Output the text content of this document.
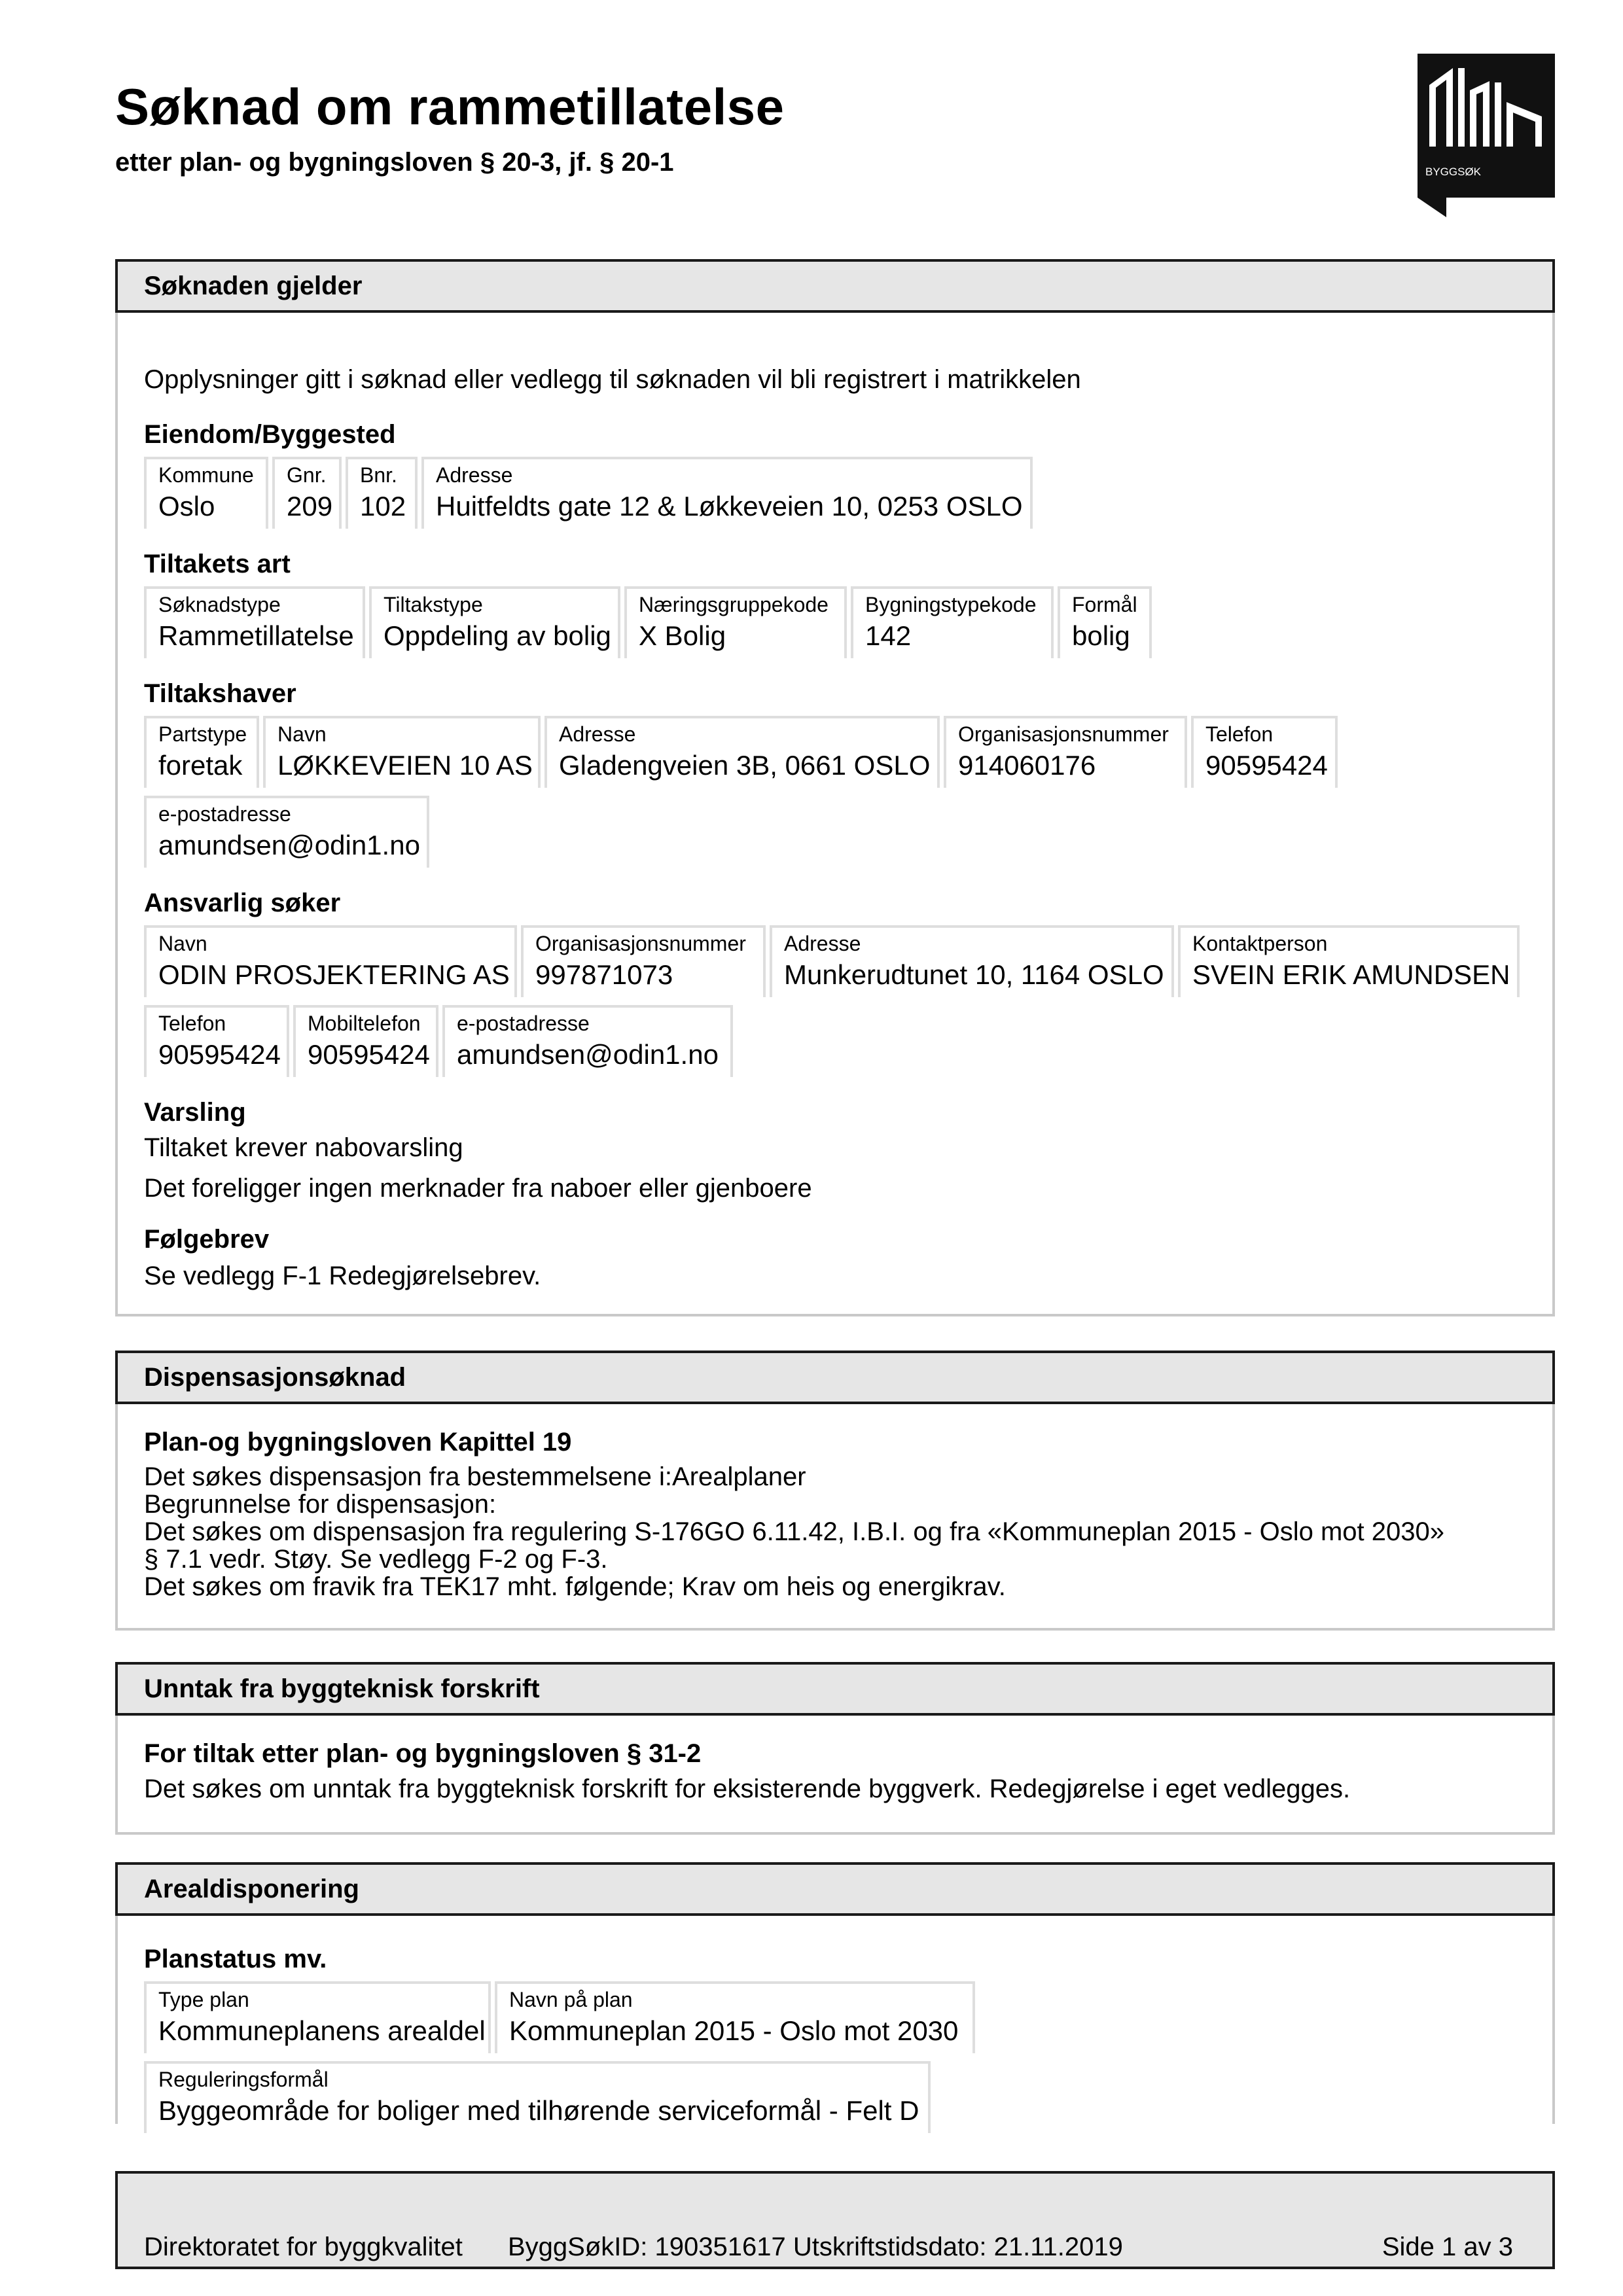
Søknad om rammetillatelse
etter plan- og bygningsloven § 20-3, jf. § 20-1	BYGGSØK
Søknaden gjelder
Opplysninger gitt i søknad eller vedlegg til søknaden vil bli registrert i matrikkelen
Eiendom/Byggested
Kommune
Oslo
Gnr.
209
Bnr.
102
Adresse
Huitfeldts gate 12 & Løkkeveien 10, 0253 OSLO
Tiltakets art
Søknadstype
Rammetillatelse
Tiltakstype
Oppdeling av bolig
Næringsgruppekode
X Bolig
Bygningstypekode
142
Formål
bolig
Tiltakshaver
Partstype
foretak
Navn
LØKKEVEIEN 10 AS
Adresse
Gladengveien 3B, 0661 OSLO
Organisasjonsnummer
914060176
Telefon
90595424
e-postadresse
amundsen@odin1.no
Ansvarlig søker
Navn
ODIN PROSJEKTERING AS
Organisasjonsnummer
997871073
Adresse
Munkerudtunet 10, 1164 OSLO
Kontaktperson
SVEIN ERIK AMUNDSEN
Telefon
90595424
Mobiltelefon
90595424
e-postadresse
amundsen@odin1.no
Varsling
Tiltaket krever nabovarsling
Det foreligger ingen merknader fra naboer eller gjenboere
Følgebrev
Se vedlegg F-1 Redegjørelsebrev.
Dispensasjonsøknad
Plan-og bygningsloven Kapittel 19
Det søkes dispensasjon fra bestemmelsene i:Arealplaner
Begrunnelse for dispensasjon:
Det søkes om dispensasjon fra regulering S-176GO 6.11.42, I.B.I. og fra «Kommuneplan 2015 - Oslo mot 2030»
§ 7.1 vedr. Støy. Se vedlegg F-2 og F-3.
Det søkes om fravik fra TEK17 mht. følgende; Krav om heis og energikrav.
Unntak fra byggteknisk forskrift
For tiltak etter plan- og bygningsloven § 31-2
Det søkes om unntak fra byggteknisk forskrift for eksisterende byggverk. Redegjørelse i eget vedlegges.
Arealdisponering
Planstatus mv.
Type plan
Kommuneplanens arealdel
Navn på plan
Kommuneplan 2015 - Oslo mot 2030
Reguleringsformål
Byggeområde for boliger med tilhørende serviceformål - Felt D
Direktoratet for byggkvalitet ByggSøkID: 190351617 Utskriftstidsdato: 21.11.2019	Side 1 av 3
